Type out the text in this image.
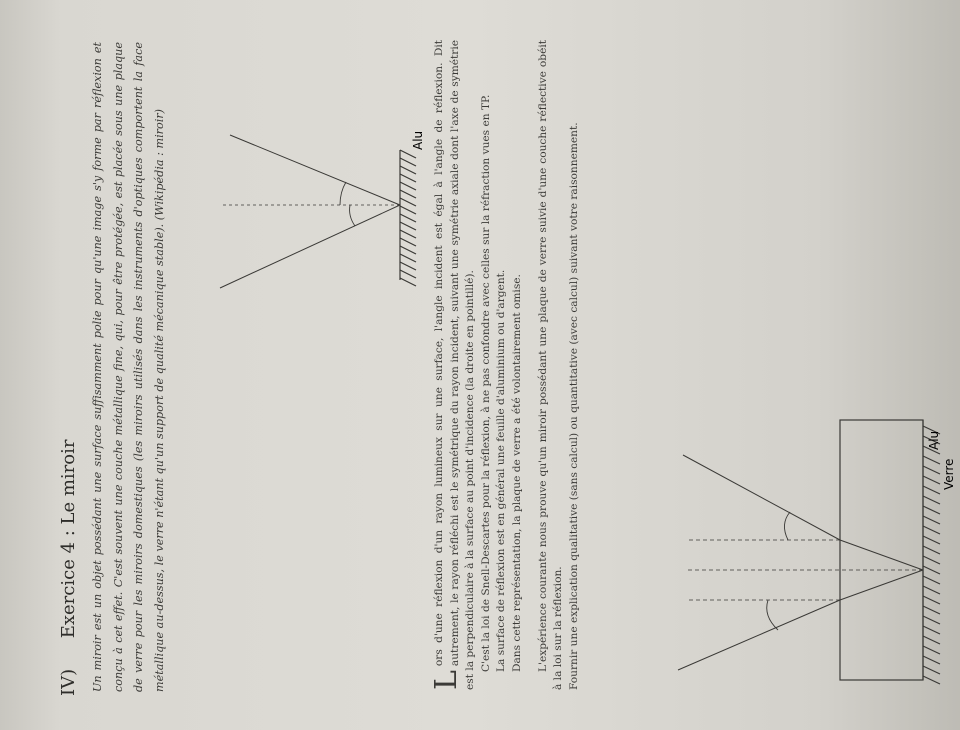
IV) Exercice 4 : Le miroir Un miroir est un objet possédant une surface suffisamment polie pour qu'une image s'y forme par réflexion et conçu à cet effet. C'est souvent une couche métallique fine, qui, pour être protégée, est placée sous une plaque de verre pour les miroirs domestiques (les miroirs utilisés dans les instruments d'optiques comportent la face métallique au-dessus, le verre n'étant qu'un support de qualité mécanique stable). (Wikipédia : miroir)	Alu
L

ors d'une réflexion d'un rayon lumineux sur une surface, l'angle incident est égal à l'angle de réflexion. Dit autrement, le rayon réfléchi est le symétrique du rayon incident, suivant une symétrie axiale dont l'axe de symétrie est la perpendiculaire à la surface au point d'incidence (la droite en pointillé). C'est la loi de Snell-Descartes pour la réflexion, à ne pas confondre avec celles sur la réfraction vues en TP. La surface de réflexion est en général une feuille d'aluminium ou d'argent. Dans cette représentation, la plaque de verre a été volontairement omise. L'expérience courante nous prouve qu'un miroir possédant une plaque de verre suivie d'une couche réflective obéit à la loi sur la réflexion. Fournir une explication qualitative (sans calcul) ou quantitative (avec calcul) suivant votre raisonnement.	Verre
Alu
